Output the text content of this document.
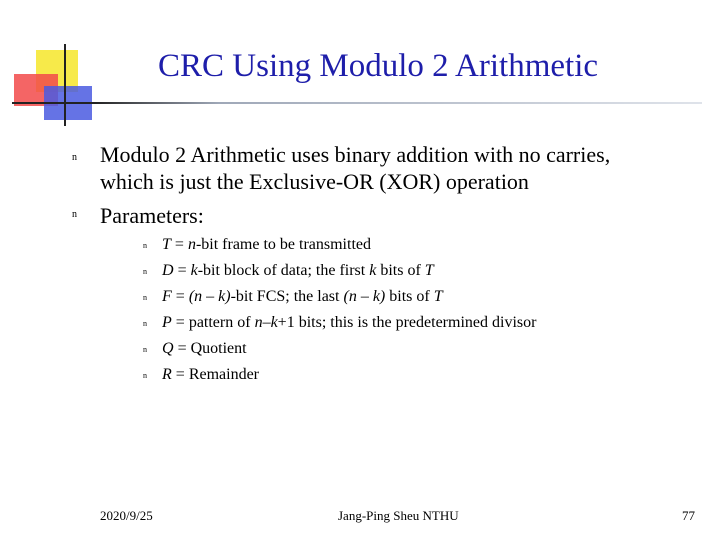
CRC Using Modulo 2 Arithmetic
n Modulo 2 Arithmetic uses binary addition with no carries, which is just the Exclusive-OR (XOR) operation
n Parameters:
n T = n-bit frame to be transmitted
n D = k-bit block of data; the first k bits of T
n F = (n – k)-bit FCS; the last (n – k) bits of T
n P = pattern of n–k+1 bits; this is the predetermined divisor
n Q = Quotient
n R = Remainder
2020/9/25	Jang-Ping Sheu NTHU	77
